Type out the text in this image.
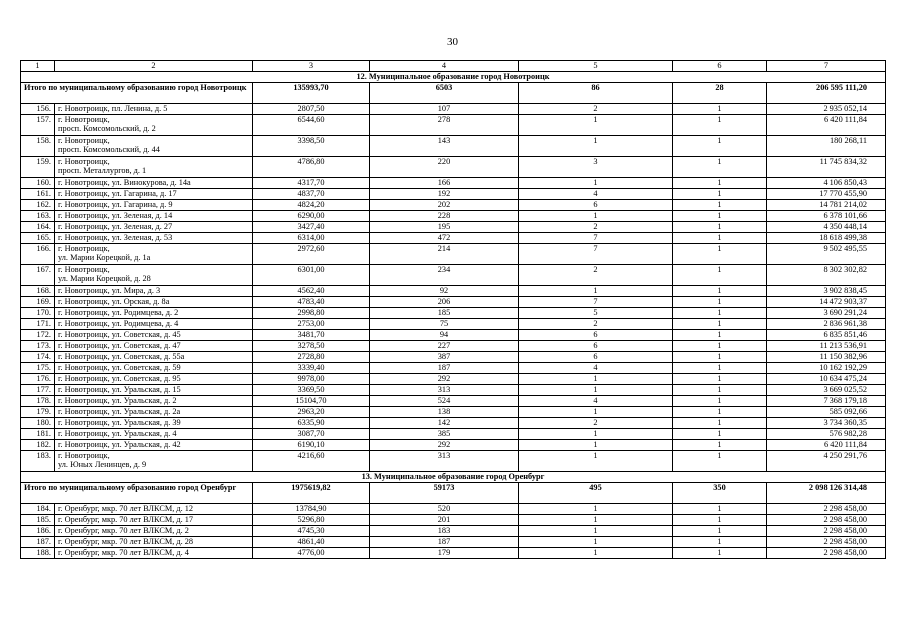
30
1	2	3	4	5	6	7
12. Муниципальное образование город Новотроицк						
Итого по муниципальному образованию город Новотроицк		135993,70	6503	86	28	206 595 111,20
156.	г. Новотроицк, пл. Ленина, д. 5	2807,50	107	2	1	2 935 052,14
157.	г. Новотроицк,
просп. Комсомольский, д. 2	6544,60	278	1	1	6 420 111,84
158.	г. Новотроицк,
просп. Комсомольский, д. 44	3398,50	143	1	1	180 268,11
159.	г. Новотроицк,
просп. Металлургов, д. 1	4786,80	220	3	1	11 745 834,32
160.	г. Новотроицк, ул. Винокурова, д. 14а	4317,70	166	1	1	4 106 850,43
161.	г. Новотроицк, ул. Гагарина, д. 17	4837,70	192	4	1	17 770 455,90
162.	г. Новотроицк, ул. Гагарина, д. 9	4824,20	202	6	1	14 781 214,02
163.	г. Новотроицк, ул. Зеленая, д. 14	6290,00	228	1	1	6 378 101,66
164.	г. Новотроицк, ул. Зеленая, д. 27	3427,40	195	2	1	4 350 448,14
165.	г. Новотроицк, ул. Зеленая, д. 53	6314,00	472	7	1	18 618 499,38
166.	г. Новотроицк,
ул. Марии Корецкой, д. 1а	2972,60	214	7	1	9 502 495,55
167.	г. Новотроицк,
ул. Марии Корецкой, д. 28	6301,00	234	2	1	8 302 302,82
168.	г. Новотроицк, ул. Мира, д. 3	4562,40	92	1	1	3 902 838,45
169.	г. Новотроицк, ул. Орская, д. 8а	4783,40	206	7	1	14 472 903,37
170.	г. Новотроицк, ул. Родимцева, д. 2	2998,80	185	5	1	3 690 291,24
171.	г. Новотроицк, ул. Родимцева, д. 4	2753,00	75	2	1	2 836 961,38
172.	г. Новотроицк, ул. Советская, д. 45	3481,70	94	6	1	6 835 851,46
173.	г. Новотроицк, ул. Советская, д. 47	3278,50	227	6	1	11 213 536,91
174.	г. Новотроицк, ул. Советская, д. 55а	2728,80	387	6	1	11 150 382,96
175.	г. Новотроицк, ул. Советская, д. 59	3339,40	187	4	1	10 162 192,29
176.	г. Новотроицк, ул. Советская, д. 95	9978,00	292	1	1	10 634 475,24
177.	г. Новотроицк, ул. Уральская, д. 15	3369,50	313	1	1	3 669 025,52
178.	г. Новотроицк, ул. Уральская, д. 2	15104,70	524	4	1	7 368 179,18
179.	г. Новотроицк, ул. Уральская, д. 2а	2963,20	138	1	1	585 092,66
180.	г. Новотроицк, ул. Уральская, д. 39	6335,90	142	2	1	3 734 360,35
181.	г. Новотроицк, ул. Уральская, д. 4	3087,70	385	1	1	576 982,28
182.	г. Новотроицк, ул. Уральская, д. 42	6190,10	292	1	1	6 420 111,84
183.	г. Новотроицк,
ул. Юных Ленинцев, д. 9	4216,60	313	1	1	4 250 291,76
13. Муниципальное образование город Оренбург						
Итого по муниципальному образованию город Оренбург		1975619,82	59173	495	350	2 098 126 314,48
184.	г. Оренбург, мкр. 70 лет ВЛКСМ, д. 12	13784,90	520	1	1	2 298 458,00
185.	г. Оренбург, мкр. 70 лет ВЛКСМ, д. 17	5296,80	201	1	1	2 298 458,00
186.	г. Оренбург, мкр. 70 лет ВЛКСМ, д. 2	4745,30	183	1	1	2 298 458,00
187.	г. Оренбург, мкр. 70 лет ВЛКСМ, д. 28	4861,40	187	1	1	2 298 458,00
188.	г. Оренбург, мкр. 70 лет ВЛКСМ, д. 4	4776,00	179	1	1	2 298 458,00
